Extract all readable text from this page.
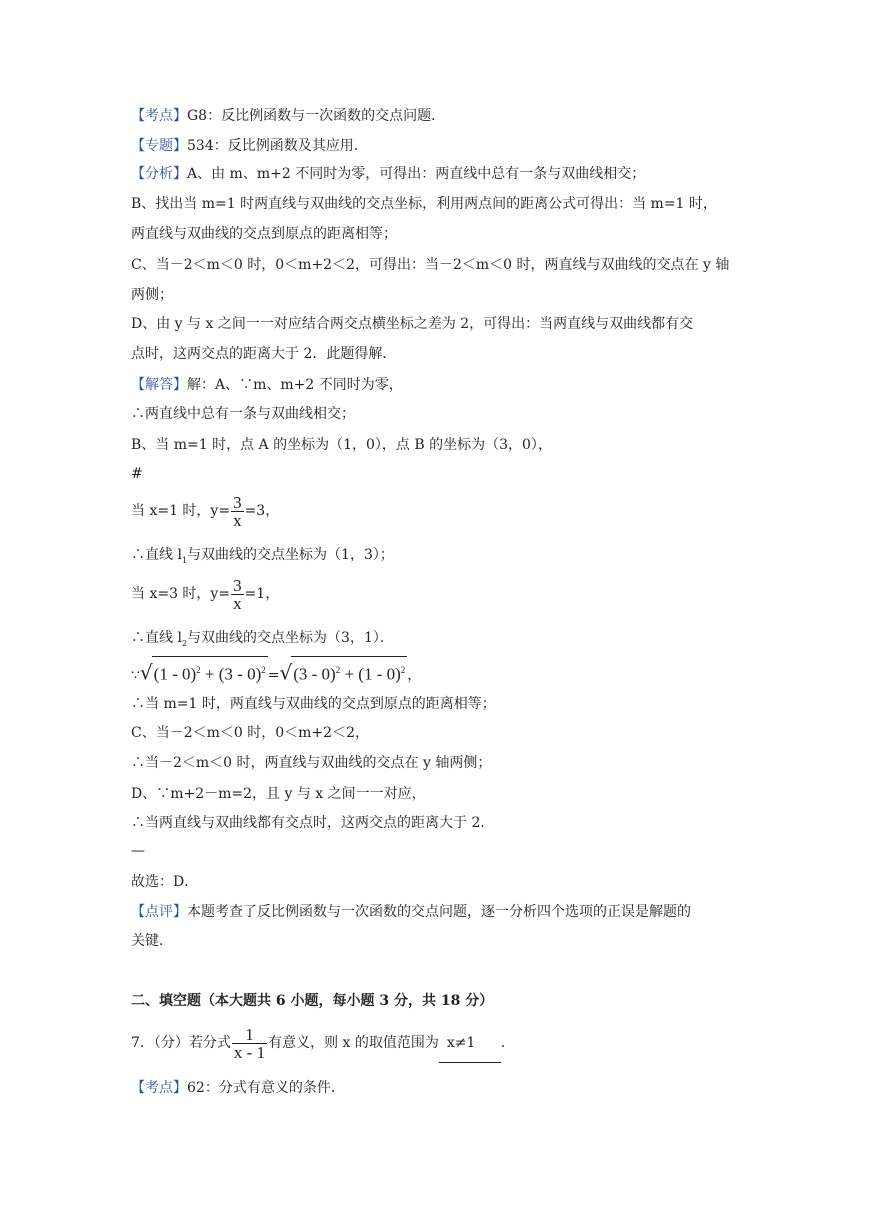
【考点】G8：反比例函数与一次函数的交点问题．
【专题】534：反比例函数及其应用．
【分析】A、由 m、m+2 不同时为零，可得出：两直线中总有一条与双曲线相交；
B、找出当 m=1 时两直线与双曲线的交点坐标，利用两点间的距离公式可得出：当 m=1 时，
两直线与双曲线的交点到原点的距离相等；
C、当－2＜m＜0 时，0＜m+2＜2，可得出：当－2＜m＜0 时，两直线与双曲线的交点在 y 轴
两侧；
D、由 y 与 x 之间一一对应结合两交点横坐标之差为 2，可得出：当两直线与双曲线都有交
点时，这两交点的距离大于 2．此题得解．
【解答】解：A、∵m、m+2 不同时为零，
∴两直线中总有一条与双曲线相交；
B、当 m=1 时，点 A 的坐标为（1，0），点 B 的坐标为（3，0），
#
当 x=1 时，$y= \frac{3}{x} =3$，
∴直线 $l_1$与双曲线的交点坐标为（1，3）；
当 x=3 时，$y= \frac{3}{x} =1$，
∴直线 $l_2$与双曲线的交点坐标为（3，1）．
∵√(1 - 0)$^2$ + (3 - 0)$^2$ =√(3 - 0)$^2$ + (1 - 0)$^2$ ，
∴当 m=1 时，两直线与双曲线的交点到原点的距离相等；
C、当－2＜m＜0 时，0＜m+2＜2，
∴当－2＜m＜0 时，两直线与双曲线的交点在 y 轴两侧；
D、∵m+2－m=2，且 y 与 x 之间一一对应，
∴当两直线与双曲线都有交点时，这两交点的距离大于 2．
—
故选：D．
【点评】本题考查了反比例函数与一次函数的交点问题，逐一分析四个选项的正误是解题的
关键．
二、填空题（本大题共 6 小题，每小题 3 分，共 18 分）
7．（分）若分式 $\frac{1}{x - 1}$ 有意义，则 x 的取值范围为 x≠1 ．
【考点】62：分式有意义的条件．
